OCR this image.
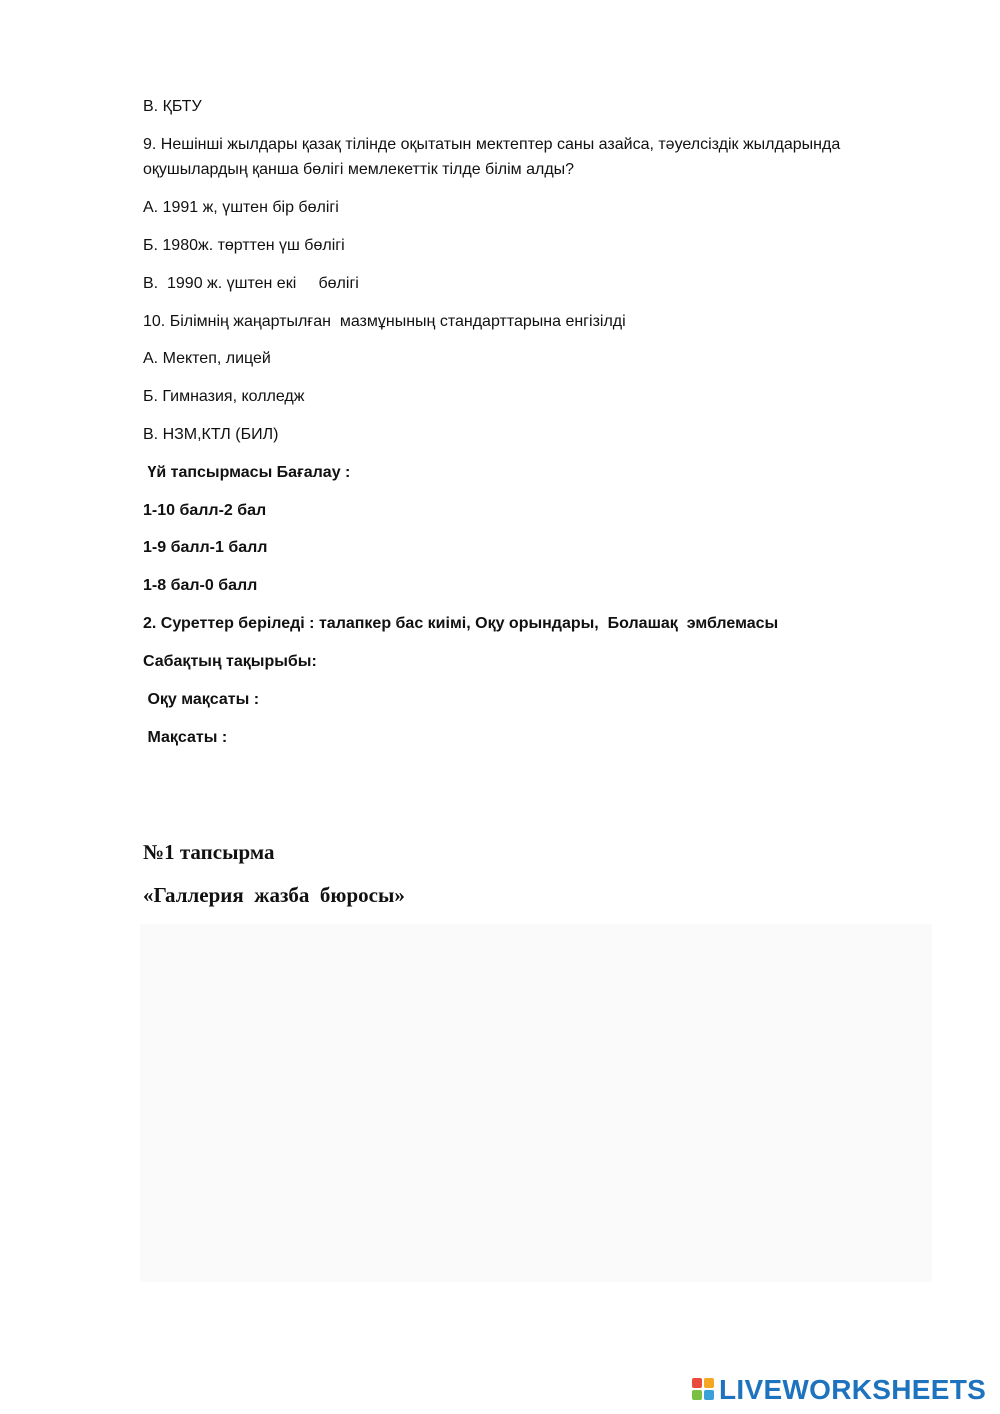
В. ҚБТУ
9. Нешінші жылдары қазақ тілінде оқытатын мектептер саны азайса, тәуелсіздік жылдарында
оқушылардың қанша бөлігі мемлекеттік тілде білім алды?
А. 1991 ж, үштен бір бөлігі
Б. 1980ж. төрттен үш бөлігі
В.  1990 ж. үштен екі     бөлігі
10. Білімнің жаңартылған  мазмұнының стандарттарына енгізілді
А. Мектеп, лицей
Б. Гимназия, колледж
В. НЗМ,КТЛ (БИЛ)
Үй тапсырмасы Бағалау :
1-10 балл-2 бал
1-9 балл-1 балл
1-8 бал-0 балл
2. Суреттер беріледі : талапкер бас киімі, Оқу орындары,  Болашақ  эмблемасы
Сабақтың тақырыбы:
Оқу мақсаты :
Мақсаты :
№1 тапсырма
«Галлерия  жазба  бюросы»
LIVEWORKSHEETS
